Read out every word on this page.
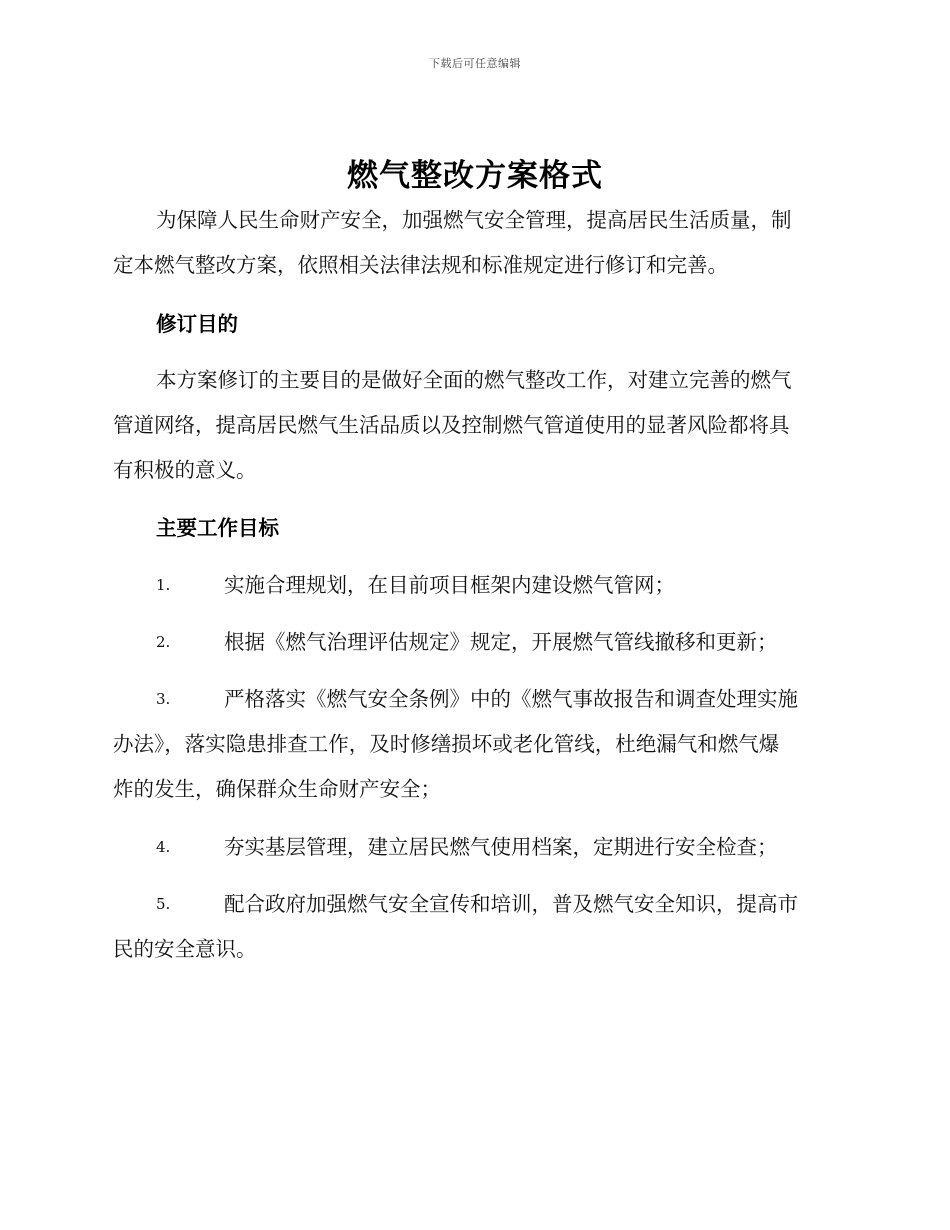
下载后可任意编辑
燃气整改方案格式
为保障人民生命财产安全，加强燃气安全管理，提高居民生活质量，制
定本燃气整改方案，依照相关法律法规和标准规定进行修订和完善。
修订目的
本方案修订的主要目的是做好全面的燃气整改工作，对建立完善的燃气
管道网络，提高居民燃气生活品质以及控制燃气管道使用的显著风险都将具
有积极的意义。
主要工作目标
1.	实施合理规划，在目前项目框架内建设燃气管网；
2.	根据《燃气治理评估规定》规定，开展燃气管线撤移和更新；
3.	严格落实《燃气安全条例》中的《燃气事故报告和调查处理实施
办法》，落实隐患排查工作，及时修缮损坏或老化管线，杜绝漏气和燃气爆
炸的发生，确保群众生命财产安全；
4.	夯实基层管理，建立居民燃气使用档案，定期进行安全检查；
5.	配合政府加强燃气安全宣传和培训，普及燃气安全知识，提高市
民的安全意识。
